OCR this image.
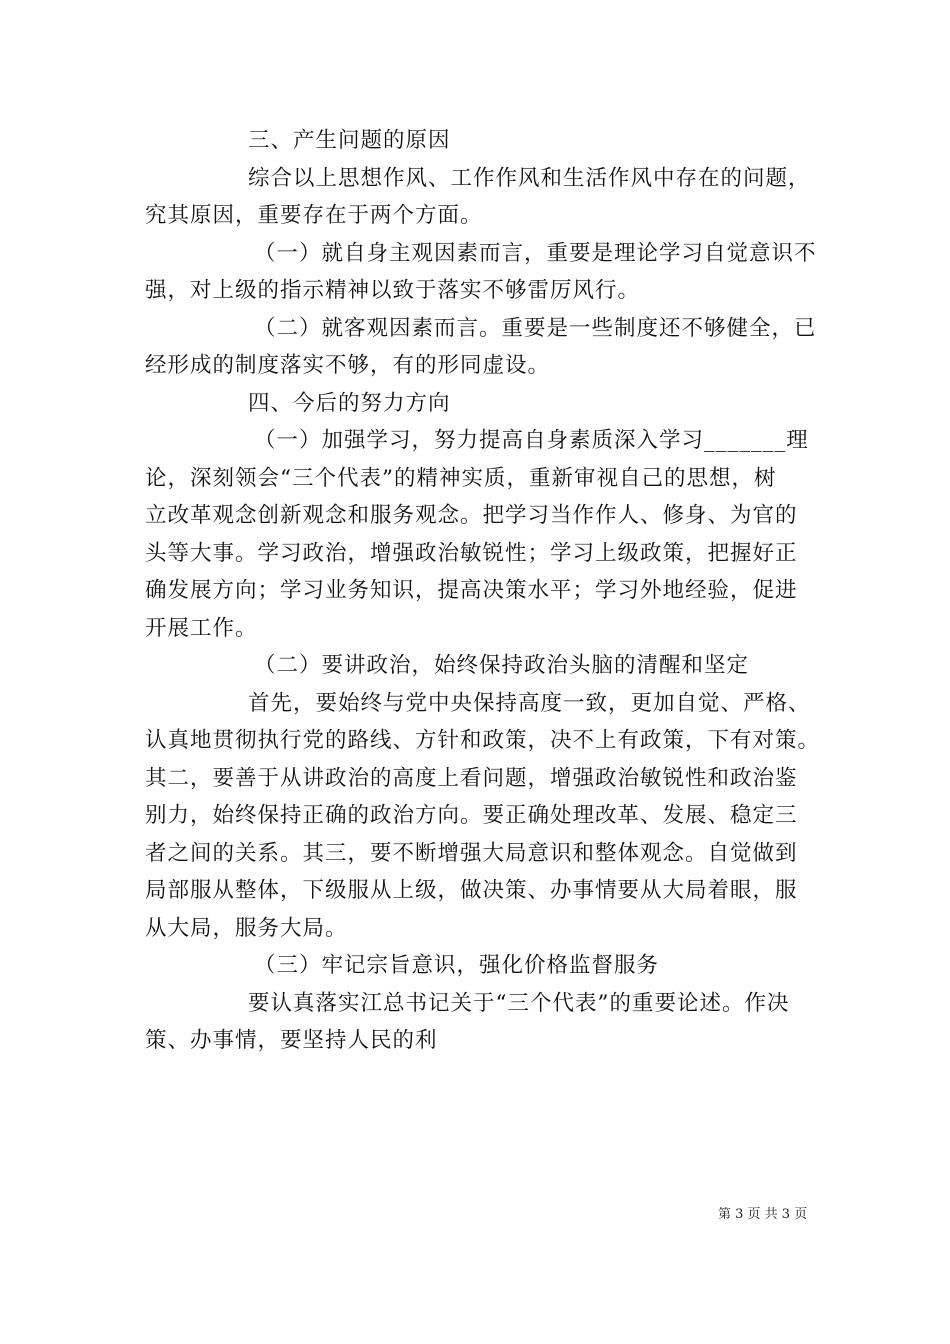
三、产生问题的原因
综合以上思想作风、工作作风和生活作风中存在的问题，
究其原因，重要存在于两个方面。
（一）就自身主观因素而言，重要是理论学习自觉意识不
强，对上级的指示精神以致于落实不够雷厉风行。
（二）就客观因素而言。重要是一些制度还不够健全，已
经形成的制度落实不够，有的形同虚设。
四、今后的努力方向
（一）加强学习，努力提高自身素质深入学习_______理
论，深刻领会“三个代表”的精神实质，重新审视自己的思想，树
立改革观念创新观念和服务观念。把学习当作作人、修身、为官的
头等大事。学习政治，增强政治敏锐性；学习上级政策，把握好正
确发展方向；学习业务知识，提高决策水平；学习外地经验，促进
开展工作。
（二）要讲政治，始终保持政治头脑的清醒和坚定
首先，要始终与党中央保持高度一致，更加自觉、严格、
认真地贯彻执行党的路线、方针和政策，决不上有政策，下有对策。
其二，要善于从讲政治的高度上看问题，增强政治敏锐性和政治鉴
别力，始终保持正确的政治方向。要正确处理改革、发展、稳定三
者之间的关系。其三，要不断增强大局意识和整体观念。自觉做到
局部服从整体，下级服从上级，做决策、办事情要从大局着眼，服
从大局，服务大局。
（三）牢记宗旨意识，强化价格监督服务
要认真落实江总书记关于“三个代表”的重要论述。作决
策、办事情，要坚持人民的利
第 3 页 共 3 页
